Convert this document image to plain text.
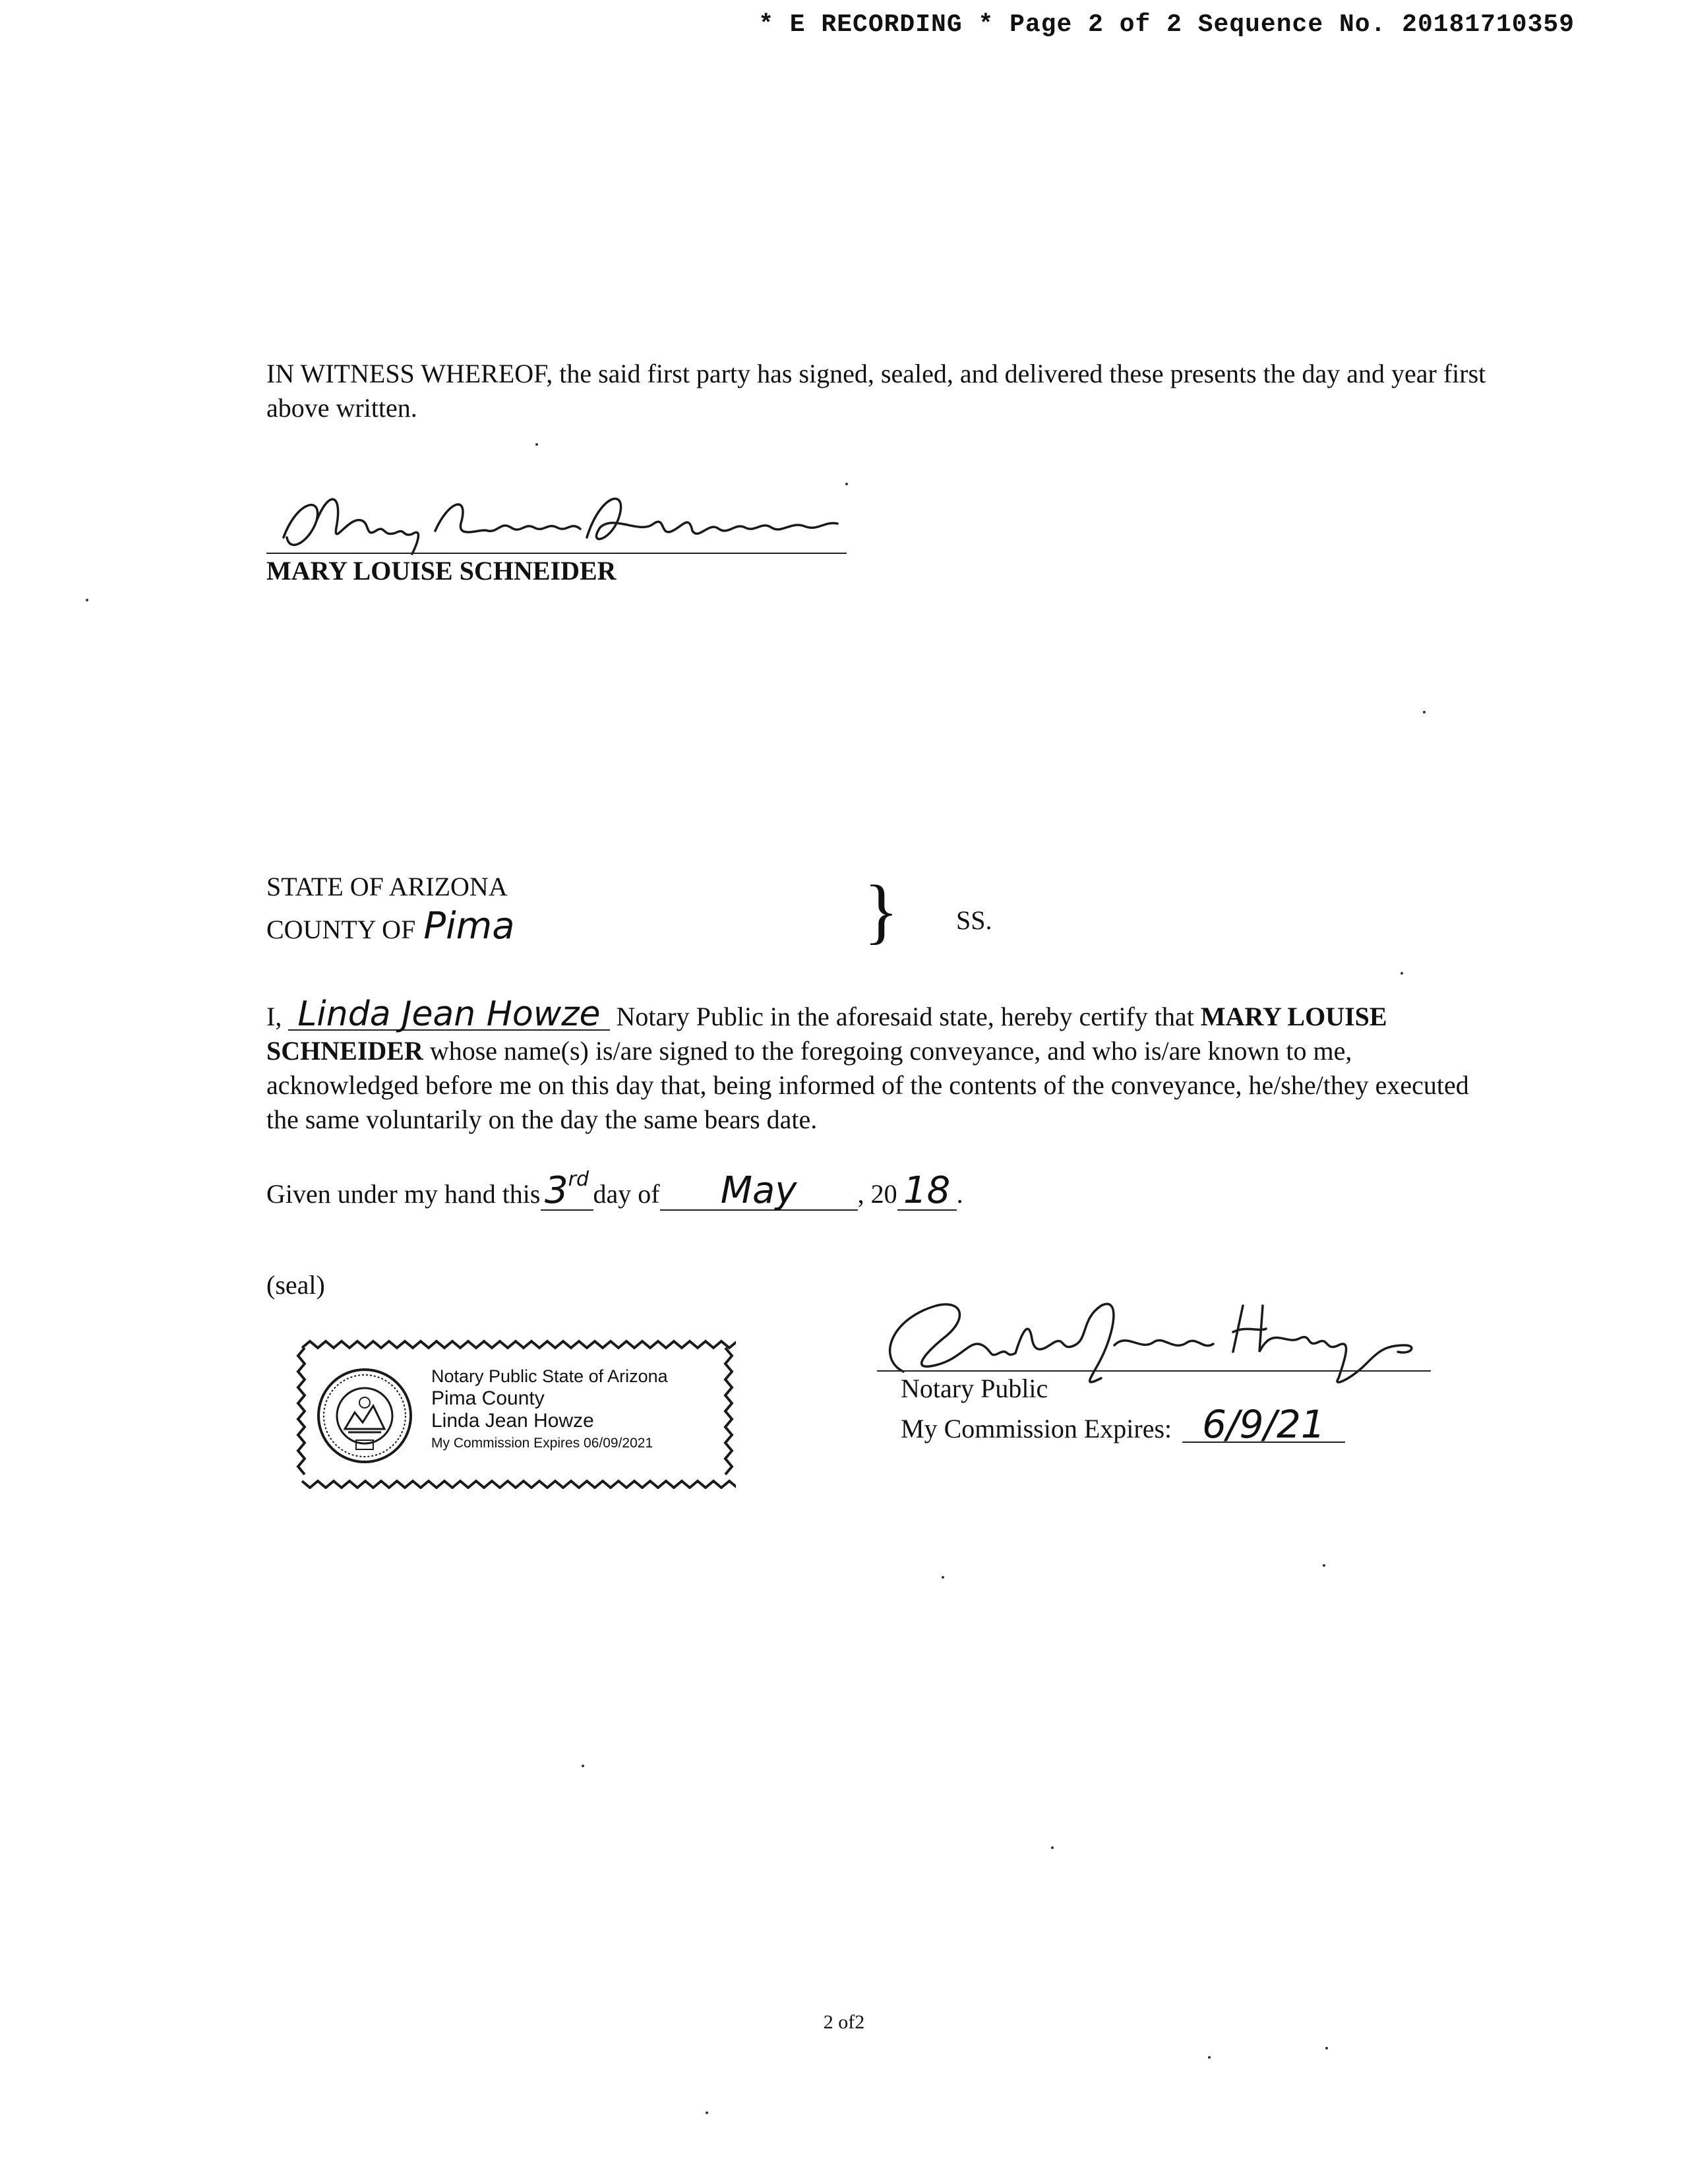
* E RECORDING * Page 2 of 2 Sequence No. 20181710359
IN WITNESS WHEREOF, the said first party has signed, sealed, and delivered these presents the day and year first above written.
MARY LOUISE SCHNEIDER
STATE OF ARIZONA
COUNTY OF Pima	} SS.
I, Linda Jean Howze Notary Public in the aforesaid state, hereby certify that MARY LOUISE SCHNEIDER whose name(s) is/are signed to the foregoing conveyance, and who is/are known to me, acknowledged before me on this day that, being informed of the contents of the conveyance, he/she/they executed the same voluntarily on the day the same bears date.
Given under my hand this 3rd day of May , 20 18 .
(seal)
Notary Public State of Arizona
Pima County
Linda Jean Howze
My Commission Expires 06/09/2021
Notary Public
My Commission Expires: 6/9/21
2 of2
